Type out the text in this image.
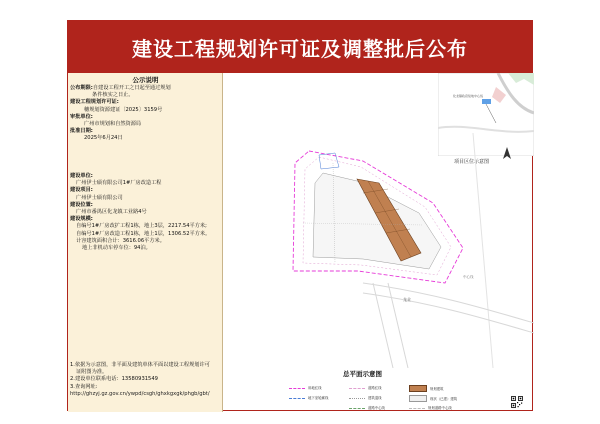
建设工程规划许可证及调整批后公布
公示说明
公布期限:自建设工程开工之日起至通过规划
条件核实之日止。
建设工程规划许可证:
穗规划资源建证〔2025〕3159号
审批单位:
广州市规划和自然资源局
批准日期:
2025年6月24日
建设单位:
广州伊士硕有限公司1#厂房改造工程
建设项目:
广州伊士硕有限公司
建设位置:
广州市番禺区化龙镇工业路4号
建设规模:
自编号1#厂房改扩工程1栋，地上3层，2217.54平方米;
自编号1#厂房改造工程1栋，地上1层，1306.52平方米。
计容建筑面积合计：3616.06平方米。
地上非机动车停车位：94泊。
1.依据为示意图，非平面及建筑单体平面以建设工程规划许可
证附图为准。
2.建设单位联系电话：13580931549
3.查询网址:
http://ghzyj.gz.gov.cn/ywpd/csgh/ghxkgxgk/phgb/gbt/
项目区位示意图
化龙镇政府驻地中心线
龙业
中心线
总平面示意图
用地红线	道路红线	规划建筑
地下室轮廓线	建筑退线	现状（已建）建筑
道路中心线	规划道路中心线
